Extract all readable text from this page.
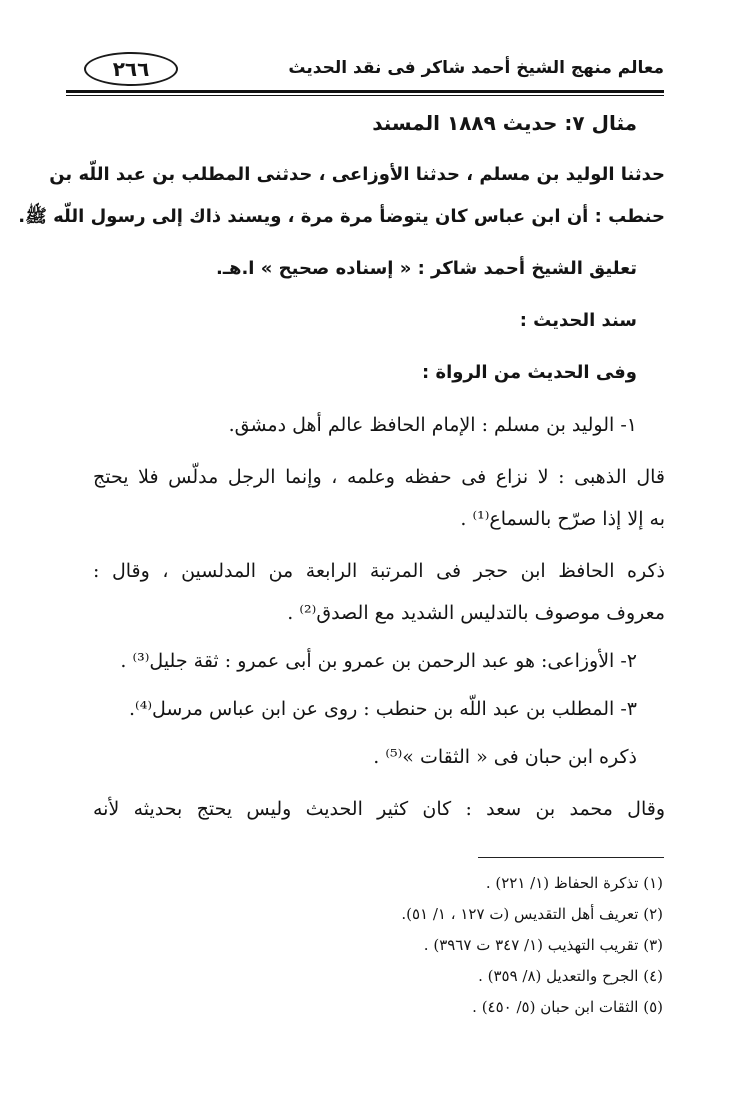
٢٦٦	معالم منهج الشيخ أحمد شاكر فى نقد الحديث
مثال ٧: حديث ١٨٨٩ المسند
حدثنا الوليد بن مسلم ، حدثنا الأوزاعى ، حدثنى المطلب بن عبد اللّه بن
حنطب : أن ابن عباس كان يتوضأ مرة مرة ، ويسند ذاك إلى رسول اللّه ﷺ.
تعليق الشيخ أحمد شاكر : « إسناده صحيح » ا.هـ.
سند الحديث :
وفى الحديث من الرواة :
١- الوليد بن مسلم : الإمام الحافظ عالم أهل دمشق.
قال الذهبى : لا نزاع فى حفظه وعلمه ، وإنما الرجل مدلّس فلا يحتج
به إلا إذا صرّح بالسماع⁽¹⁾ .
ذكره الحافظ ابن حجر فى المرتبة الرابعة من المدلسين ، وقال :
معروف موصوف بالتدليس الشديد مع الصدق⁽²⁾ .
٢- الأوزاعى: هو عبد الرحمن بن عمرو بن أبى عمرو : ثقة جليل⁽³⁾ .
٣- المطلب بن عبد اللّه بن حنطب : روى عن ابن عباس مرسل⁽⁴⁾.
ذكره ابن حبان فى « الثقات »⁽⁵⁾ .
وقال محمد بن سعد : كان كثير الحديث وليس يحتج بحديثه لأنه
(١) تذكرة الحفاظ (١/ ٢٢١) .
(٢) تعريف أهل التقديس (ت ١٢٧ ، ١/ ٥١).
(٣) تقريب التهذيب (١/ ٣٤٧ ت ٣٩٦٧) .
(٤) الجرح والتعديل (٨/ ٣٥٩) .
(٥) الثقات ابن حبان (٥/ ٤٥٠) .
